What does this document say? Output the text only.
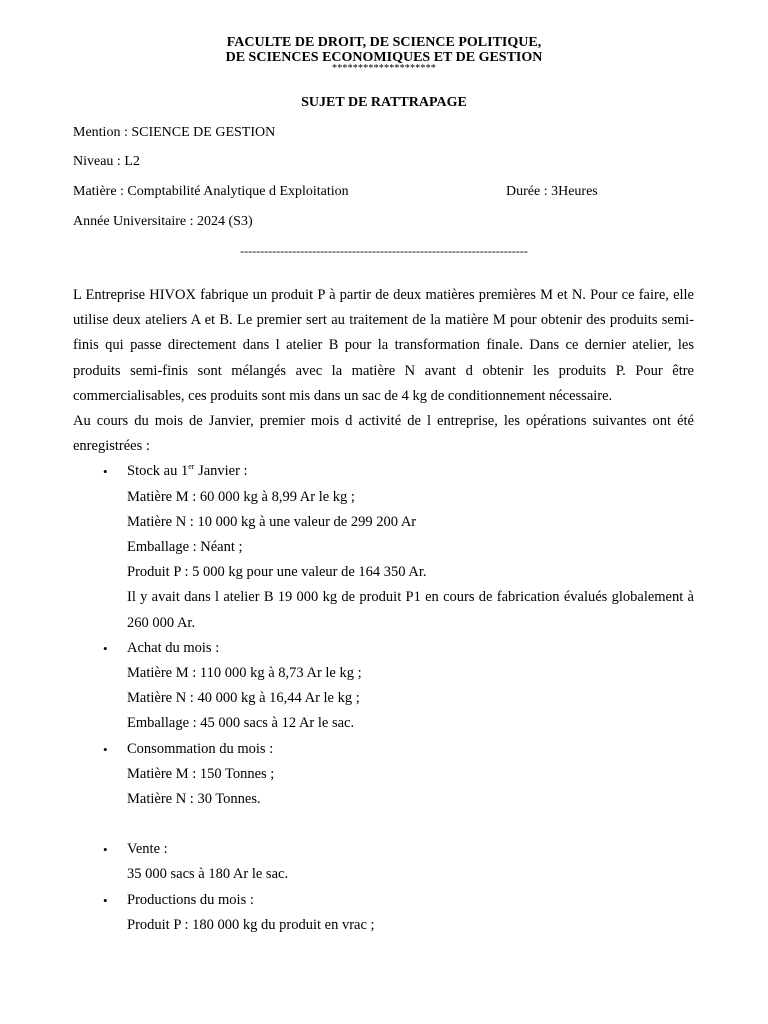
FACULTE DE DROIT, DE SCIENCE POLITIQUE,
DE SCIENCES ECONOMIQUES ET DE GESTION
********************
SUJET DE RATTRAPAGE
Mention : SCIENCE DE GESTION
Niveau : L2
Matière : Comptabilité Analytique d Exploitation	Durée : 3Heures
Année Universitaire : 2024 (S3)
------------------------------------------------------------------------

L Entreprise HIVOX fabrique un produit P à partir de deux matières premières M et N. Pour ce faire, elle utilise deux ateliers A et B. Le premier sert au traitement de la matière M pour obtenir des produits semi-finis qui passe directement dans l atelier B pour la transformation finale. Dans ce dernier atelier, les produits semi-finis sont mélangés avec la matière N avant d obtenir les produits P. Pour être commercialisables, ces produits sont mis dans un sac de 4 kg de conditionnement nécessaire.

Au cours du mois de Janvier, premier mois d activité de l entreprise, les opérations suivantes ont été enregistrées :

• Stock au 1er Janvier :
Matière M : 60 000 kg à 8,99 Ar le kg ;
Matière N : 10 000 kg à une valeur de 299 200 Ar
Emballage : Néant ;
Produit P : 5 000 kg pour une valeur de 164 350 Ar.
Il y avait dans l atelier B 19 000 kg de produit P1 en cours de fabrication évalués globalement à 260 000 Ar.
• Achat du mois :
Matière M : 110 000 kg à 8,73 Ar le kg ;
Matière N : 40 000 kg à 16,44 Ar le kg ;
Emballage : 45 000 sacs à 12 Ar le sac.
• Consommation du mois :
Matière M : 150 Tonnes ;
Matière N : 30 Tonnes.
• Vente :
35 000 sacs à 180 Ar le sac.
• Productions du mois :
Produit P : 180 000 kg du produit en vrac ;
